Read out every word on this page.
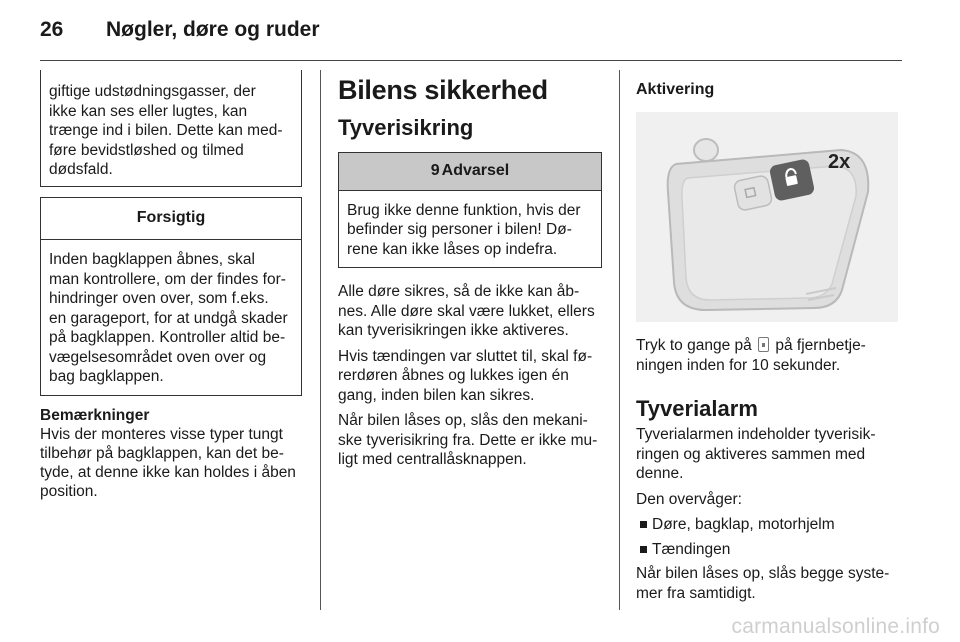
26 Nøgler, døre og ruder
giftige udstødningsgasser, der
ikke kan ses eller lugtes, kan
trænge ind i bilen. Dette kan med-
føre bevidstløshed og tilmed
dødsfald.
Forsigtig
Inden bagklappen åbnes, skal
man kontrollere, om der findes for-
hindringer oven over, som f.eks.
en garageport, for at undgå skader
på bagklappen. Kontroller altid be-
vægelsesområdet oven over og
bag bagklappen.

Bemærkninger
Hvis der monteres visse typer tungt
tilbehør på bagklappen, kan det be-
tyde, at denne ikke kan holdes i åben
position.

Bilens sikkerhed
Tyverisikring
9 Advarsel
Brug ikke denne funktion, hvis der
befinder sig personer i bilen! Dø-
rene kan ikke låses op indefra.

Alle døre sikres, så de ikke kan åb-
nes. Alle døre skal være lukket, ellers
kan tyverisikringen ikke aktiveres.

Hvis tændingen var sluttet til, skal fø-
rerdøren åbnes og lukkes igen én
gang, inden bilen kan sikres.

Når bilen låses op, slås den mekani-
ske tyverisikring fra. Dette er ikke mu-
ligt med centrallåsknappen.

Aktivering
2x

Tryk to gange på på fjernbetje-
ningen inden for 10 sekunder.

Tyverialarm

Tyverialarmen indeholder tyverisik-
ringen og aktiveres sammen med
denne.

Den overvåger:

Døre, bagklap, motorhjelm
Tændingen

Når bilen låses op, slås begge syste-
mer fra samtidigt.

carmanualsonline.info
